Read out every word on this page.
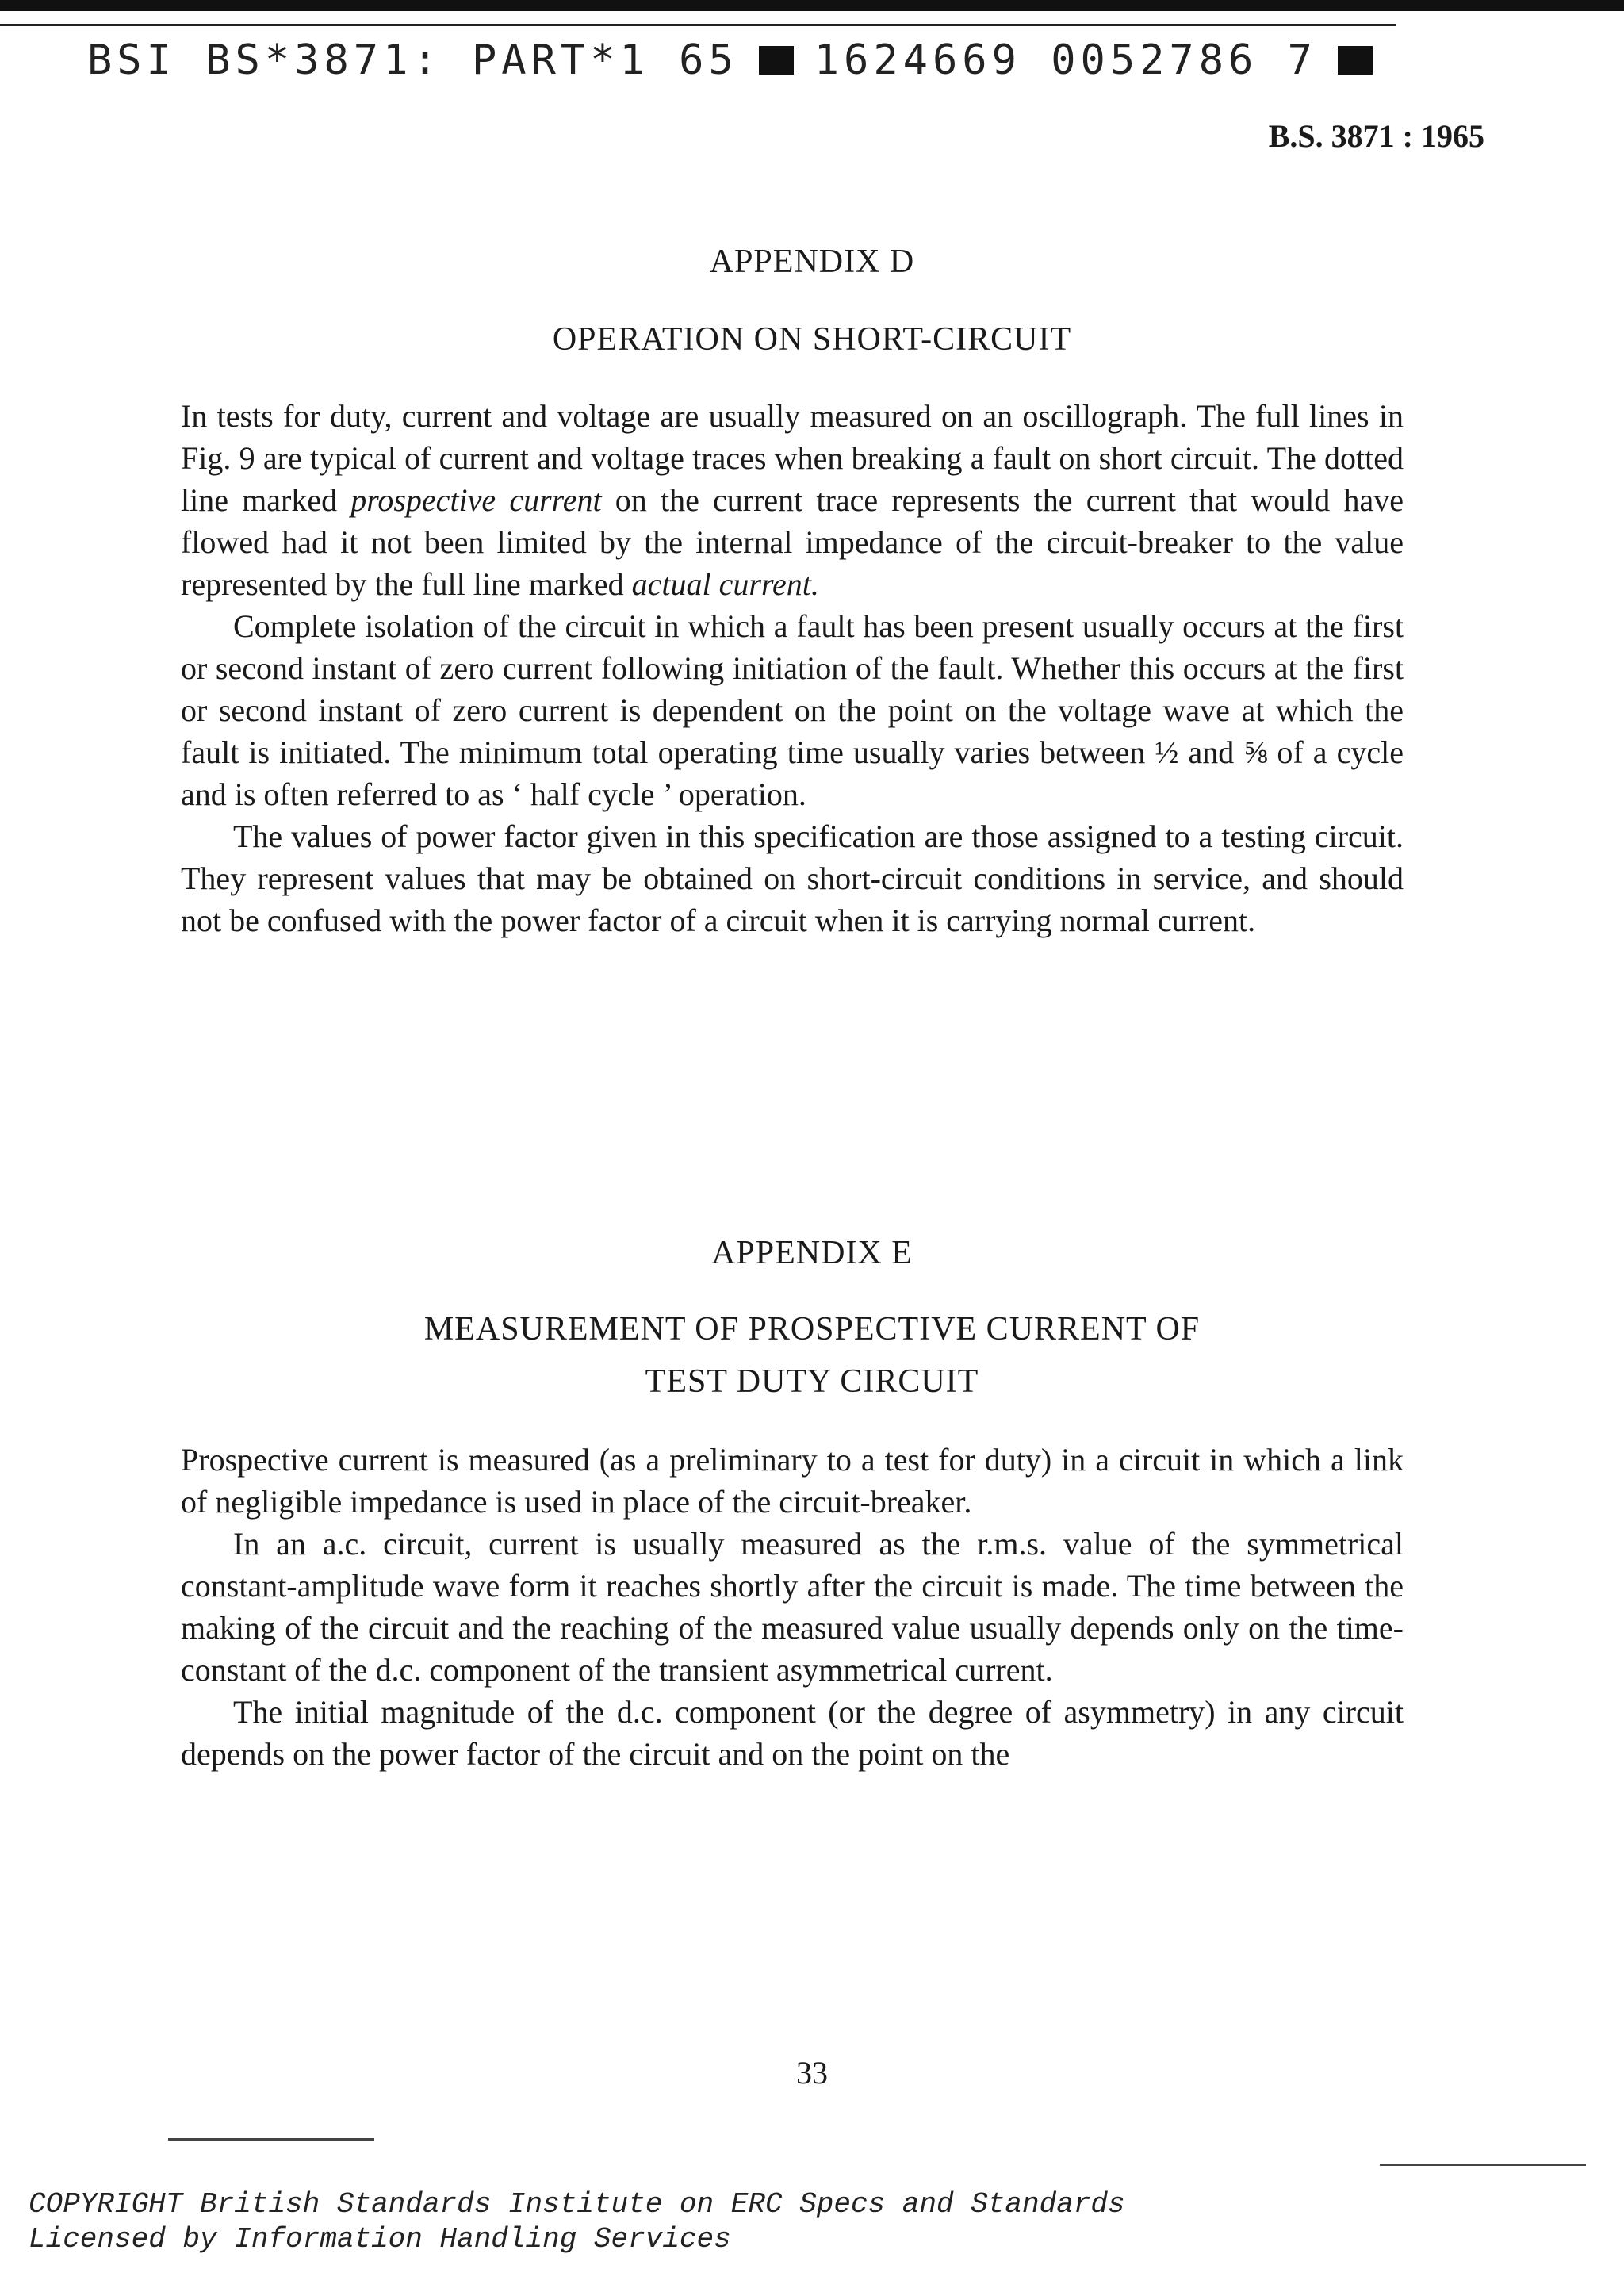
BSI BS*3871: PART*1 65 1624669 0052786 7
B.S. 3871 : 1965
APPENDIX D
OPERATION ON SHORT-CIRCUIT

In tests for duty, current and voltage are usually measured on an oscillograph. The full lines in Fig. 9 are typical of current and voltage traces when breaking a fault on short circuit. The dotted line marked prospective current on the current trace represents the current that would have flowed had it not been limited by the internal impedance of the circuit-breaker to the value represented by the full line marked actual current.

Complete isolation of the circuit in which a fault has been present usually occurs at the first or second instant of zero current following initiation of the fault. Whether this occurs at the first or second instant of zero current is dependent on the point on the voltage wave at which the fault is initiated. The minimum total operating time usually varies between ½ and ⅝ of a cycle and is often referred to as ‘ half cycle ’ operation.

The values of power factor given in this specification are those assigned to a testing circuit. They represent values that may be obtained on short-circuit conditions in service, and should not be confused with the power factor of a circuit when it is carrying normal current.

APPENDIX E
MEASUREMENT OF PROSPECTIVE CURRENT OF
TEST DUTY CIRCUIT

Prospective current is measured (as a preliminary to a test for duty) in a circuit in which a link of negligible impedance is used in place of the circuit-breaker.

In an a.c. circuit, current is usually measured as the r.m.s. value of the symmetrical constant-amplitude wave form it reaches shortly after the circuit is made. The time between the making of the circuit and the reaching of the measured value usually depends only on the time-constant of the d.c. component of the transient asymmetrical current.

The initial magnitude of the d.c. component (or the degree of asymmetry) in any circuit depends on the power factor of the circuit and on the point on the

33
COPYRIGHT British Standards Institute on ERC Specs and Standards
Licensed by Information Handling Services
